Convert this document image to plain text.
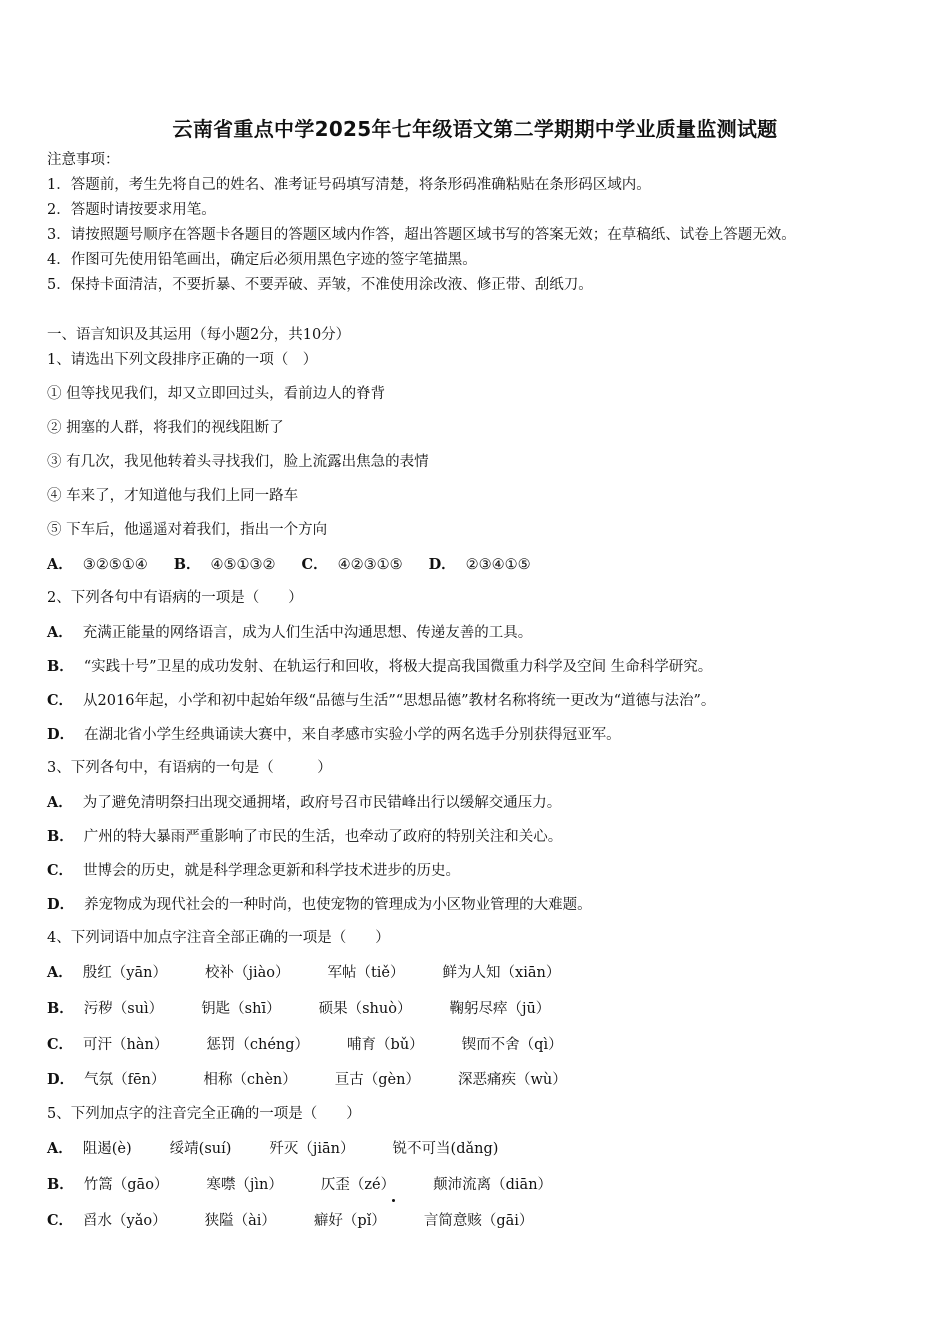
云南省重点中学2025年七年级语文第二学期期中学业质量监测试题
注意事项：
1．答题前，考生先将自己的姓名、准考证号码填写清楚，将条形码准确粘贴在条形码区域内。
2．答题时请按要求用笔。
3．请按照题号顺序在答题卡各题目的答题区域内作答，超出答题区域书写的答案无效；在草稿纸、试卷上答题无效。
4．作图可先使用铅笔画出，确定后必须用黑色字迹的签字笔描黑。
5．保持卡面清洁，不要折暴、不要弄破、弄皱，不准使用涂改液、修正带、刮纸刀。
一、语言知识及其运用（每小题2分，共10分）
1、请选出下列文段排序正确的一项（　）
① 但等找见我们，却又立即回过头，看前边人的脊背
② 拥塞的人群，将我们的视线阻断了
③ 有几次，我见他转着头寻找我们，脸上流露出焦急的表情
④ 车来了，才知道他与我们上同一路车
⑤ 下车后，他遥遥对着我们，指出一个方向
A． ③②⑤①④ B． ④⑤①③② C． ④②③①⑤ D． ②③④①⑤
2、下列各句中有语病的一项是（　　）
A． 充满正能量的网络语言，成为人们生活中沟通思想、传递友善的工具。
B． “实践十号”卫星的成功发射、在轨运行和回收，将极大提高我国微重力科学及空间 生命科学研究。
C． 从2016年起，小学和初中起始年级“品德与生活”“思想品德”教材名称将统一更改为“道德与法治”。
D． 在湖北省小学生经典诵读大赛中，来自孝感市实验小学的两名选手分别获得冠亚军。
3、下列各句中，有语病的一句是（　　　）
A． 为了避免清明祭扫出现交通拥堵，政府号召市民错峰出行以缓解交通压力。
B． 广州的特大暴雨严重影响了市民的生活，也牵动了政府的特别关注和关心。
C． 世博会的历史，就是科学理念更新和科学技术进步的历史。
D． 养宠物成为现代社会的一种时尚，也使宠物的管理成为小区物业管理的大难题。
4、下列词语中加点字注音全部正确的一项是（　　）
A． 殷红（yān）	校补（jiào）	军帖（tiě）	鲜为人知（xiān）
B． 污秽（suì）	钥匙（shī）	硕果（shuò）	鞠躬尽瘁（jū）
C． 可汗（hàn）	惩罚（chéng）	哺育（bǔ）	锲而不舍（qì）
D． 气氛（fēn）	相称（chèn）	亘古（gèn）	深恶痛疾（wù）
5、下列加点字的注音完全正确的一项是（　　）
A． 阻遏(è)	绥靖(suí)	歼灭（jiān）	锐不可当(dǎng)
B． 竹篙（gāo）	寒噤（jìn）	仄歪（zé）	颠沛流离（diān）
C． 舀水（yǎo）	狭隘（ài）	癖好（pǐ）	言简意赅（gāi）
